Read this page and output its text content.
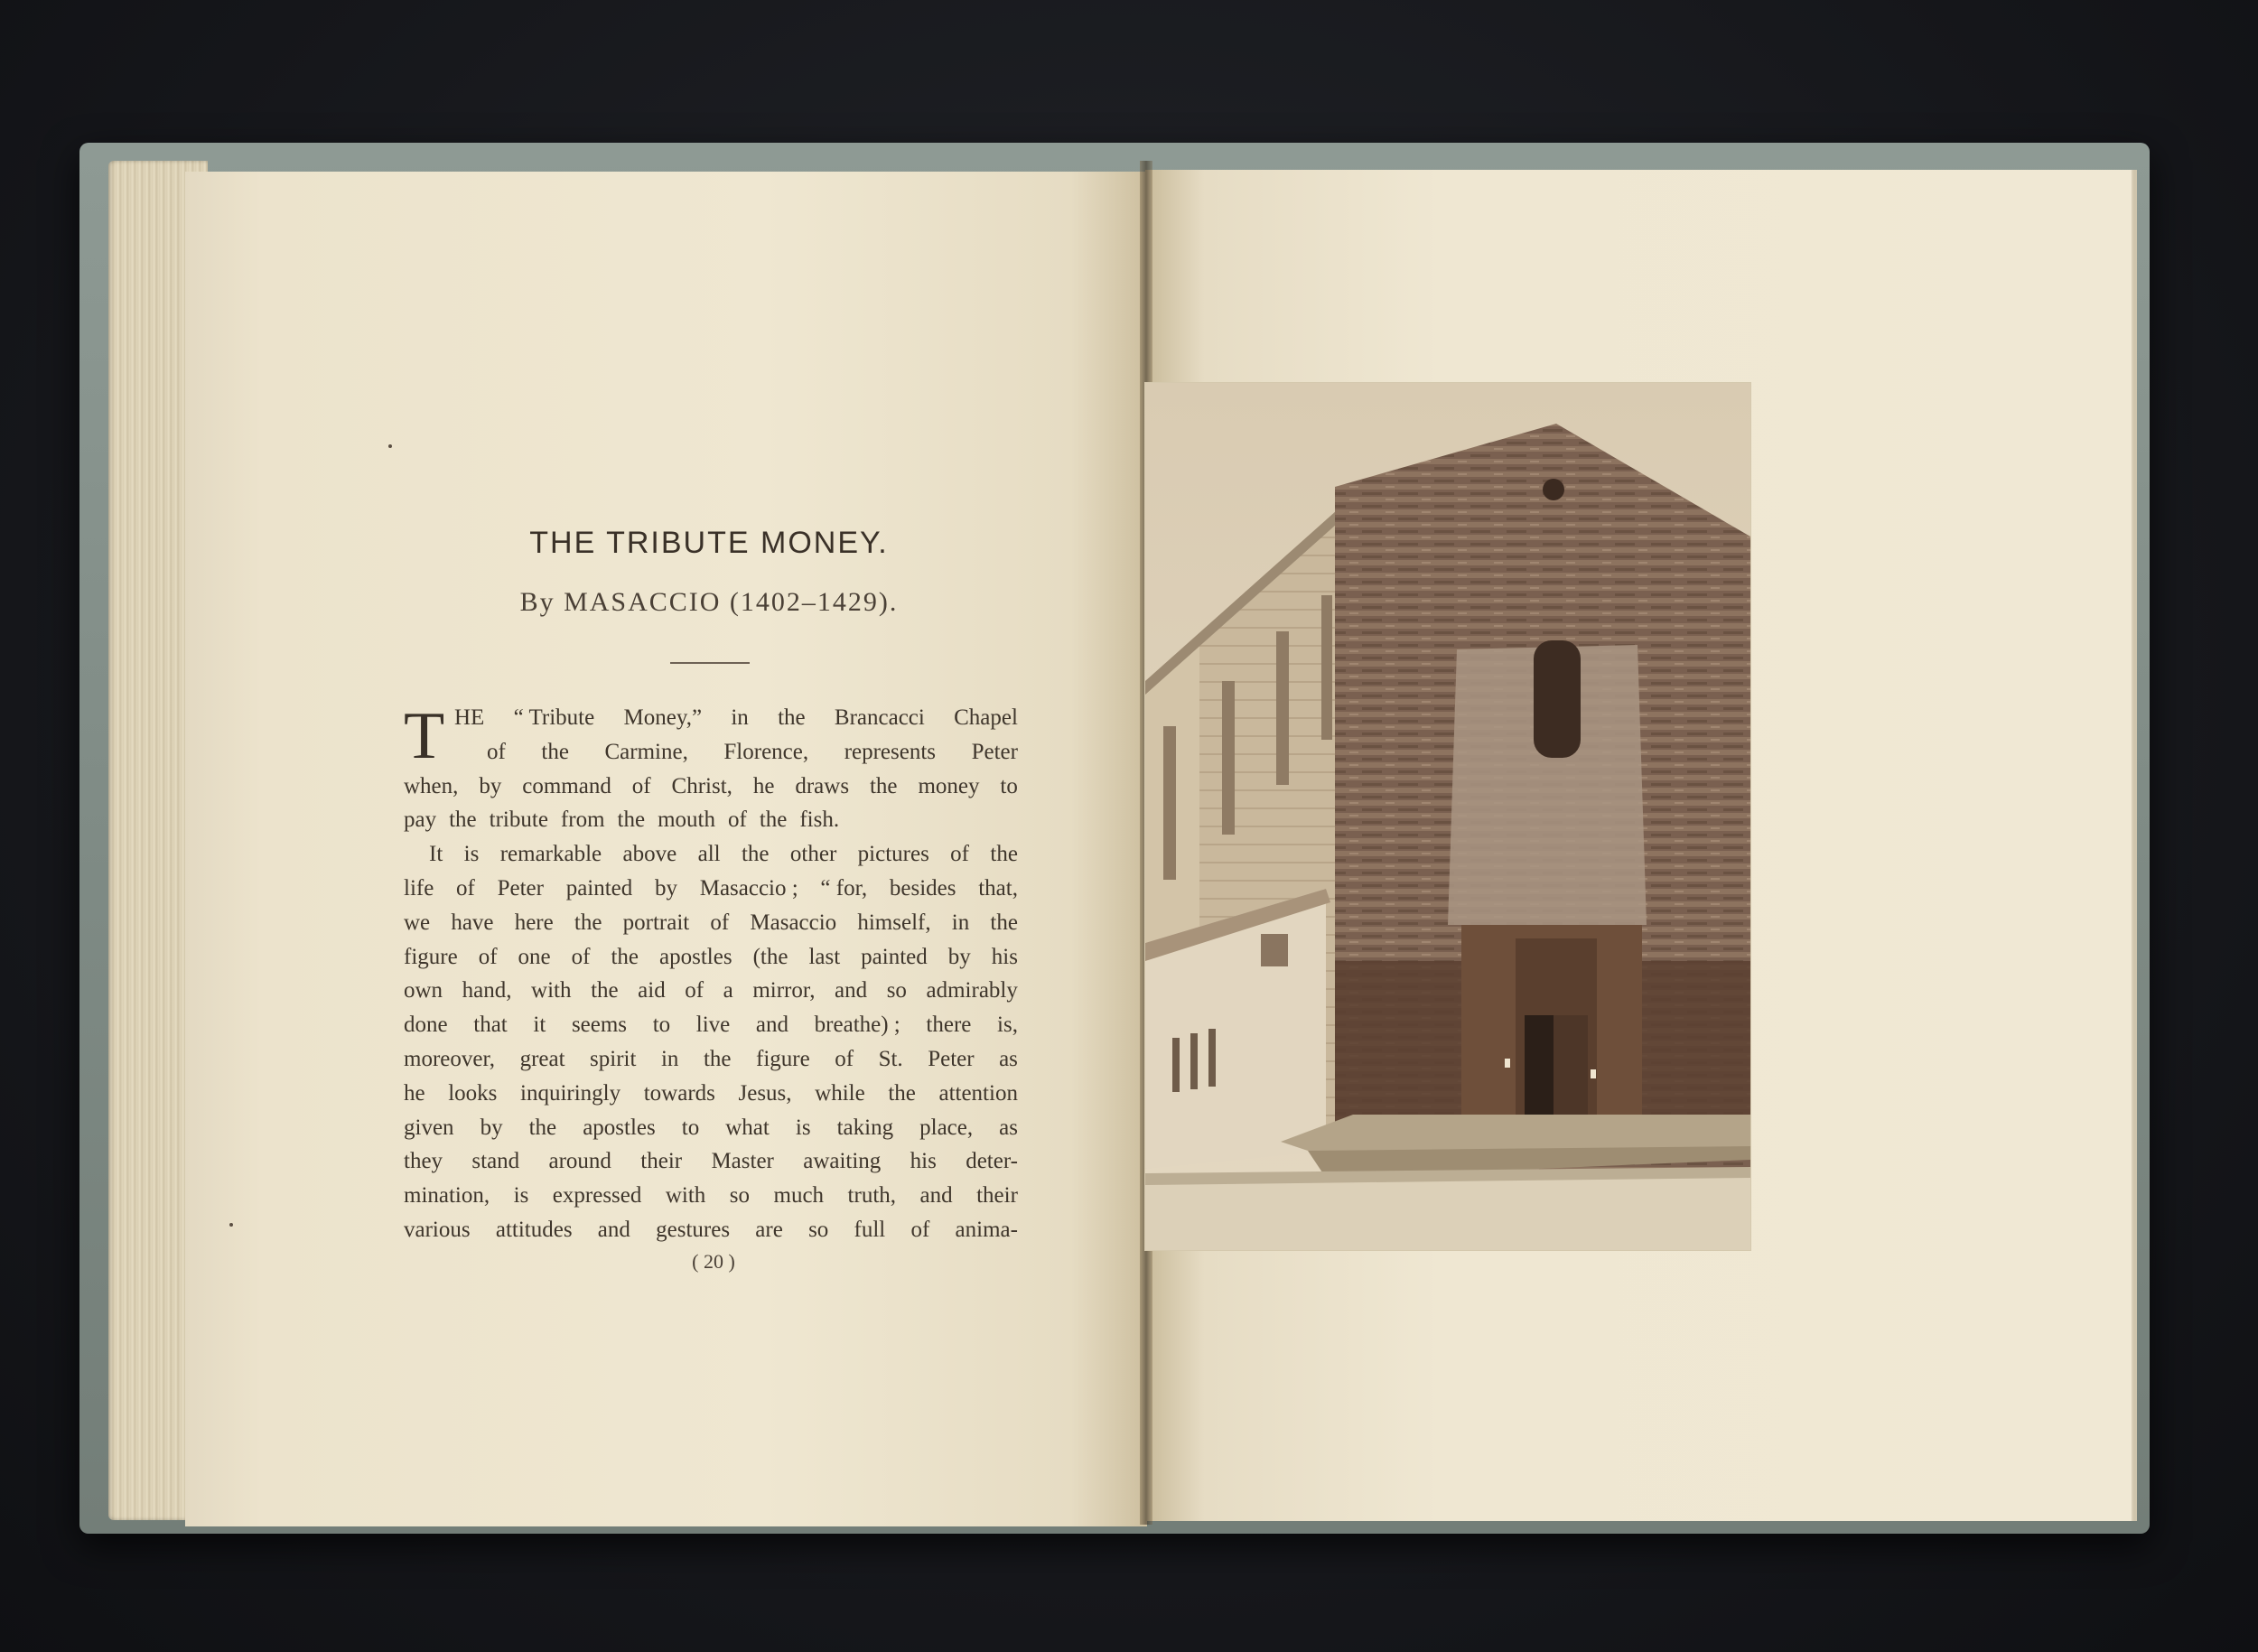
THE TRIBUTE MONEY.
By MASACCIO (1402–1429).
T HE “ Tribute Money,” in the Brancacci Chapel
of the Carmine, Florence, represents Peter
when, by command of Christ, he draws the money to
pay the tribute from the mouth of the fish.
It is remarkable above all the other pictures of the
life of Peter painted by Masaccio ; “ for, besides that,
we have here the portrait of Masaccio himself, in the
figure of one of the apostles (the last painted by his
own hand, with the aid of a mirror, and so admirably
done that it seems to live and breathe) ; there is,
moreover, great spirit in the figure of St. Peter as
he looks inquiringly towards Jesus, while the attention
given by the apostles to what is taking place, as
they stand around their Master awaiting his deter-
mination, is expressed with so much truth, and their
various attitudes and gestures are so full of anima-
( 20 )
